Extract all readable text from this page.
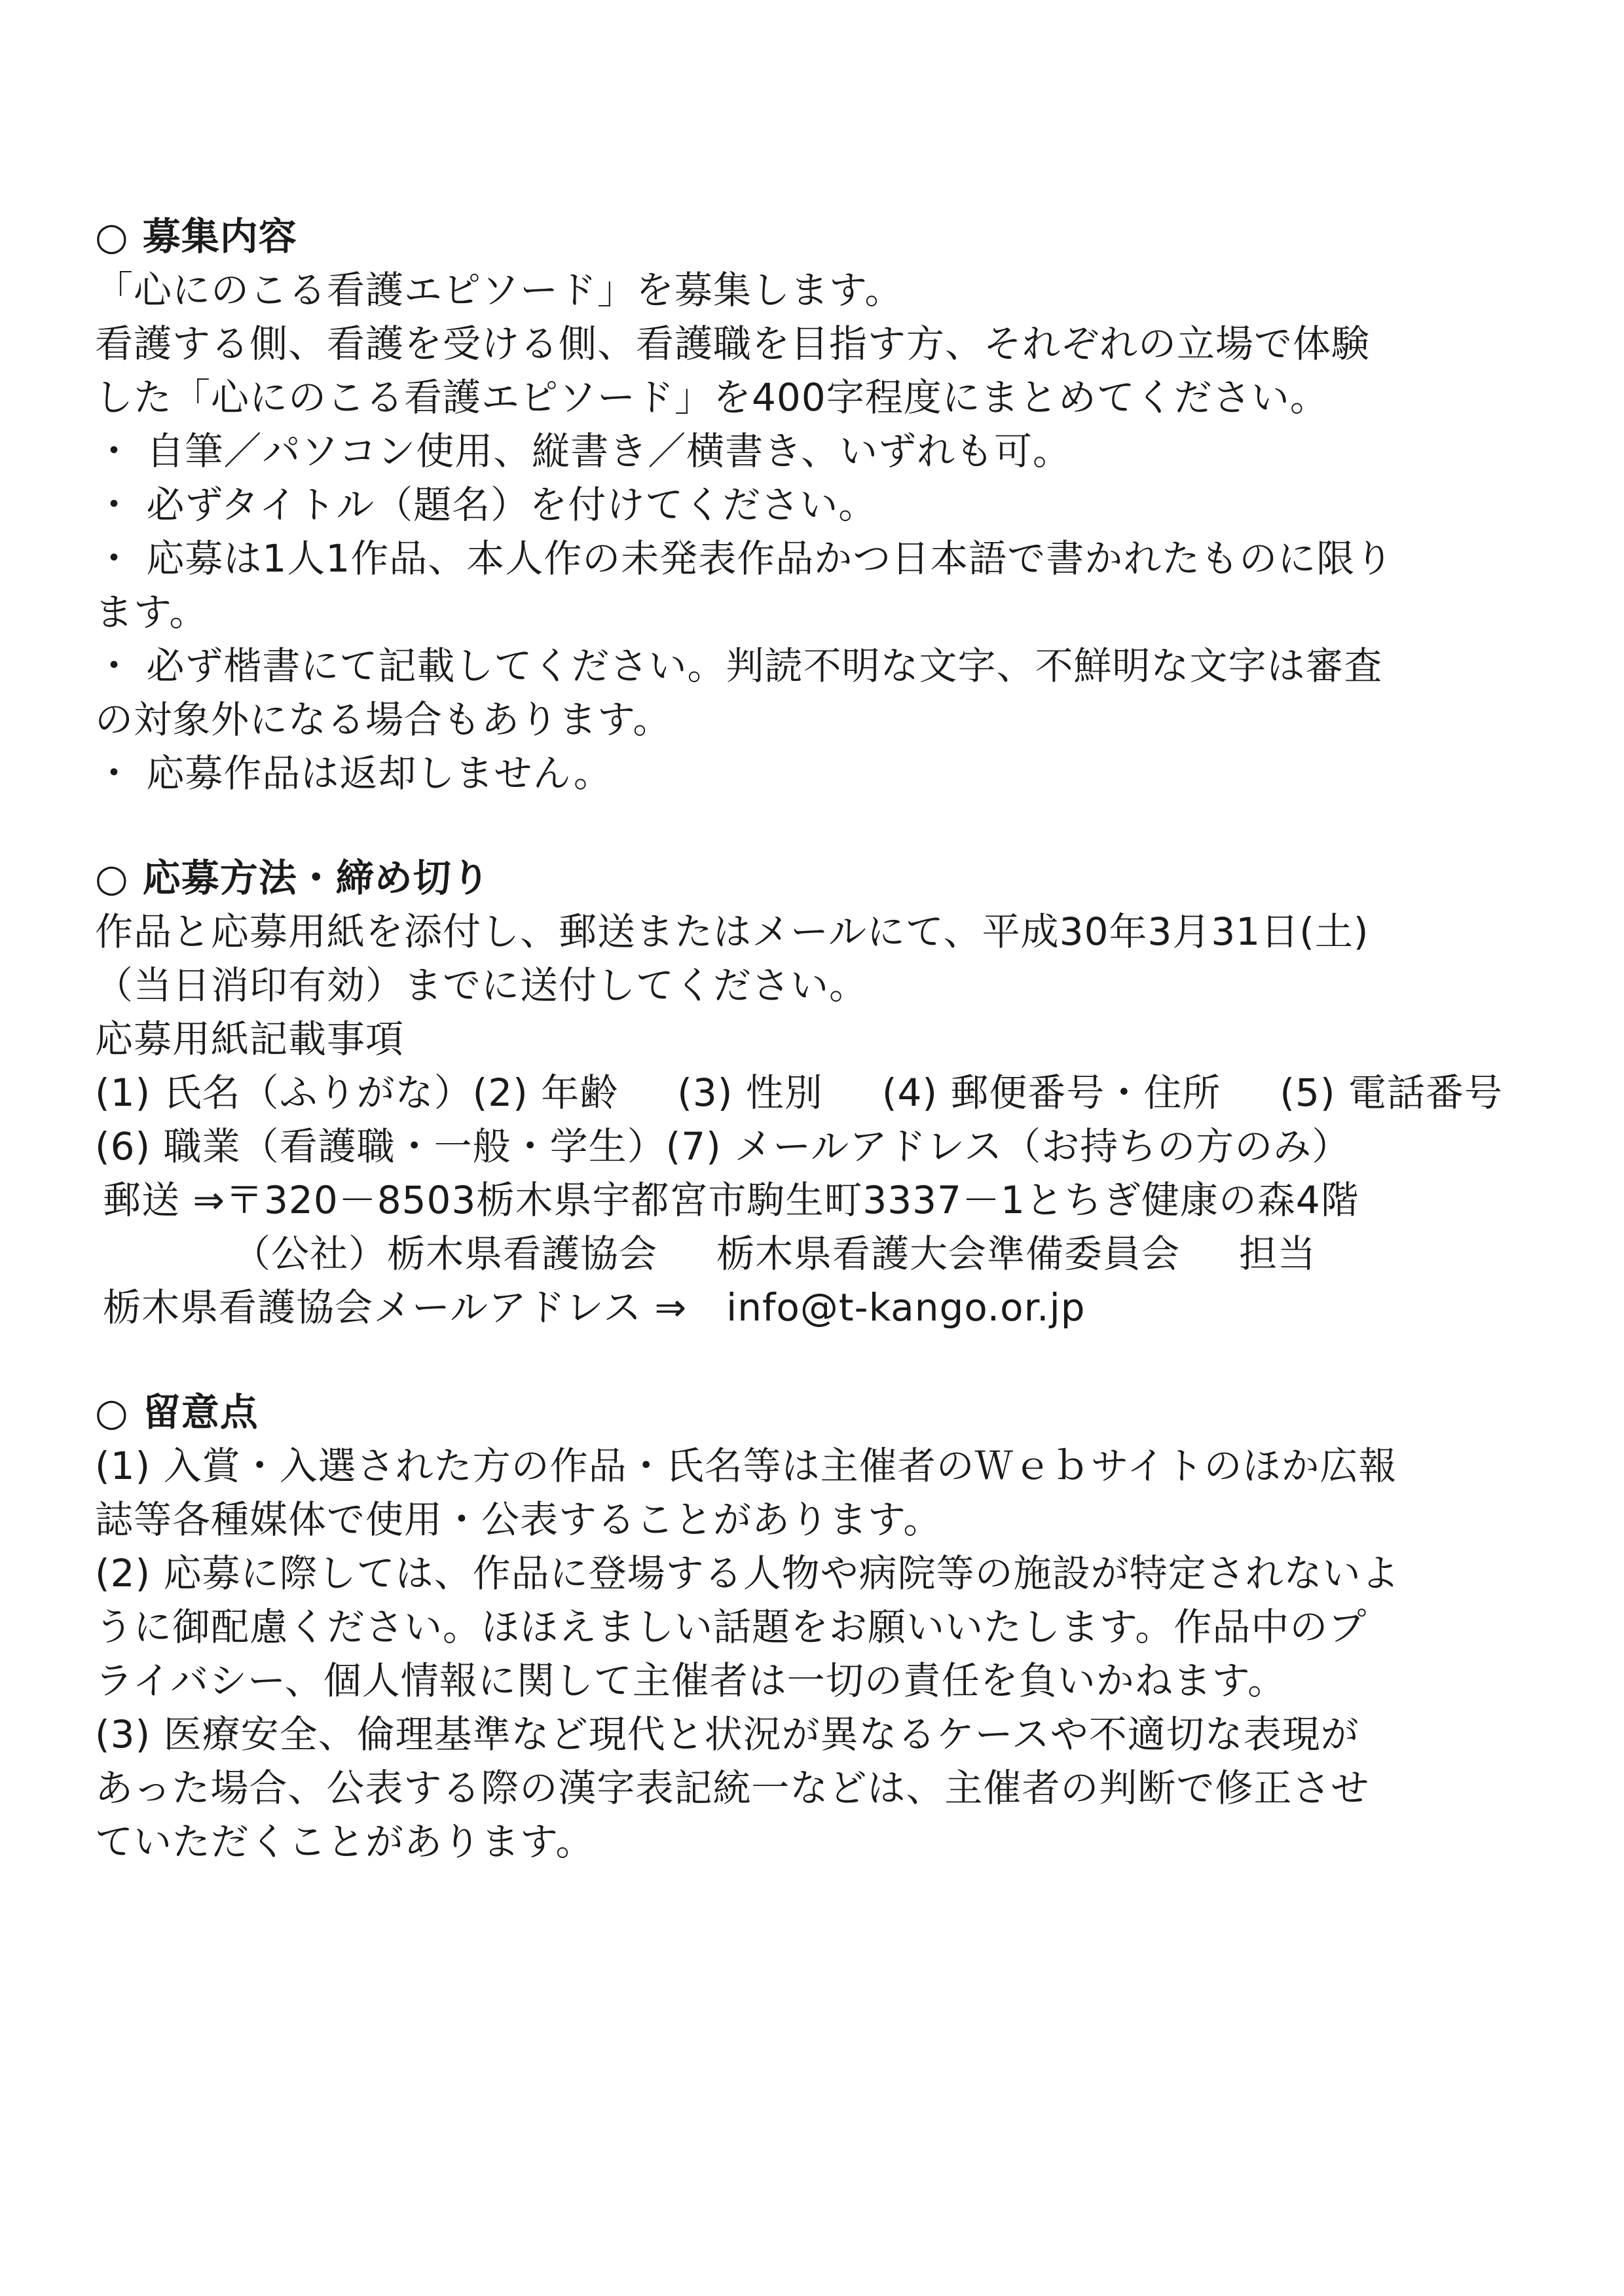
○ 募集内容
「心にのこる看護エピソード」を募集します。
看護する側、看護を受ける側、看護職を目指す方、それぞれの立場で体験
した「心にのこる看護エピソード」を400字程度にまとめてください。
・ 自筆／パソコン使用、縦書き／横書き、いずれも可。
・ 必ずタイトル（題名）を付けてください。
・ 応募は1人1作品、本人作の未発表作品かつ日本語で書かれたものに限り
ます。
・ 必ず楷書にて記載してください。判読不明な文字、不鮮明な文字は審査
の対象外になる場合もあります。
・ 応募作品は返却しません。
○ 応募方法・締め切り
作品と応募用紙を添付し、郵送またはメールにて、平成30年3月31日(土)
（当日消印有効）までに送付してください。
応募用紙記載事項
(1) 氏名（ふりがな）(2) 年齢 (3) 性別 (4) 郵便番号・住所 (5) 電話番号
(6) 職業（看護職・一般・学生）(7) メールアドレス（お持ちの方のみ）
郵送 ⇒〒320－8503栃木県宇都宮市駒生町3337－1とちぎ健康の森4階
（公社）栃木県看護協会 栃木県看護大会準備委員会 担当
栃木県看護協会メールアドレス ⇒ info@t-kango.or.jp
○ 留意点
(1) 入賞・入選された方の作品・氏名等は主催者のＷｅｂサイトのほか広報
誌等各種媒体で使用・公表することがあります。
(2) 応募に際しては、作品に登場する人物や病院等の施設が特定されないよ
うに御配慮ください。ほほえましい話題をお願いいたします。作品中のプ
ライバシー、個人情報に関して主催者は一切の責任を負いかねます。
(3) 医療安全、倫理基準など現代と状況が異なるケースや不適切な表現が
あった場合、公表する際の漢字表記統一などは、主催者の判断で修正させ
ていただくことがあります。
